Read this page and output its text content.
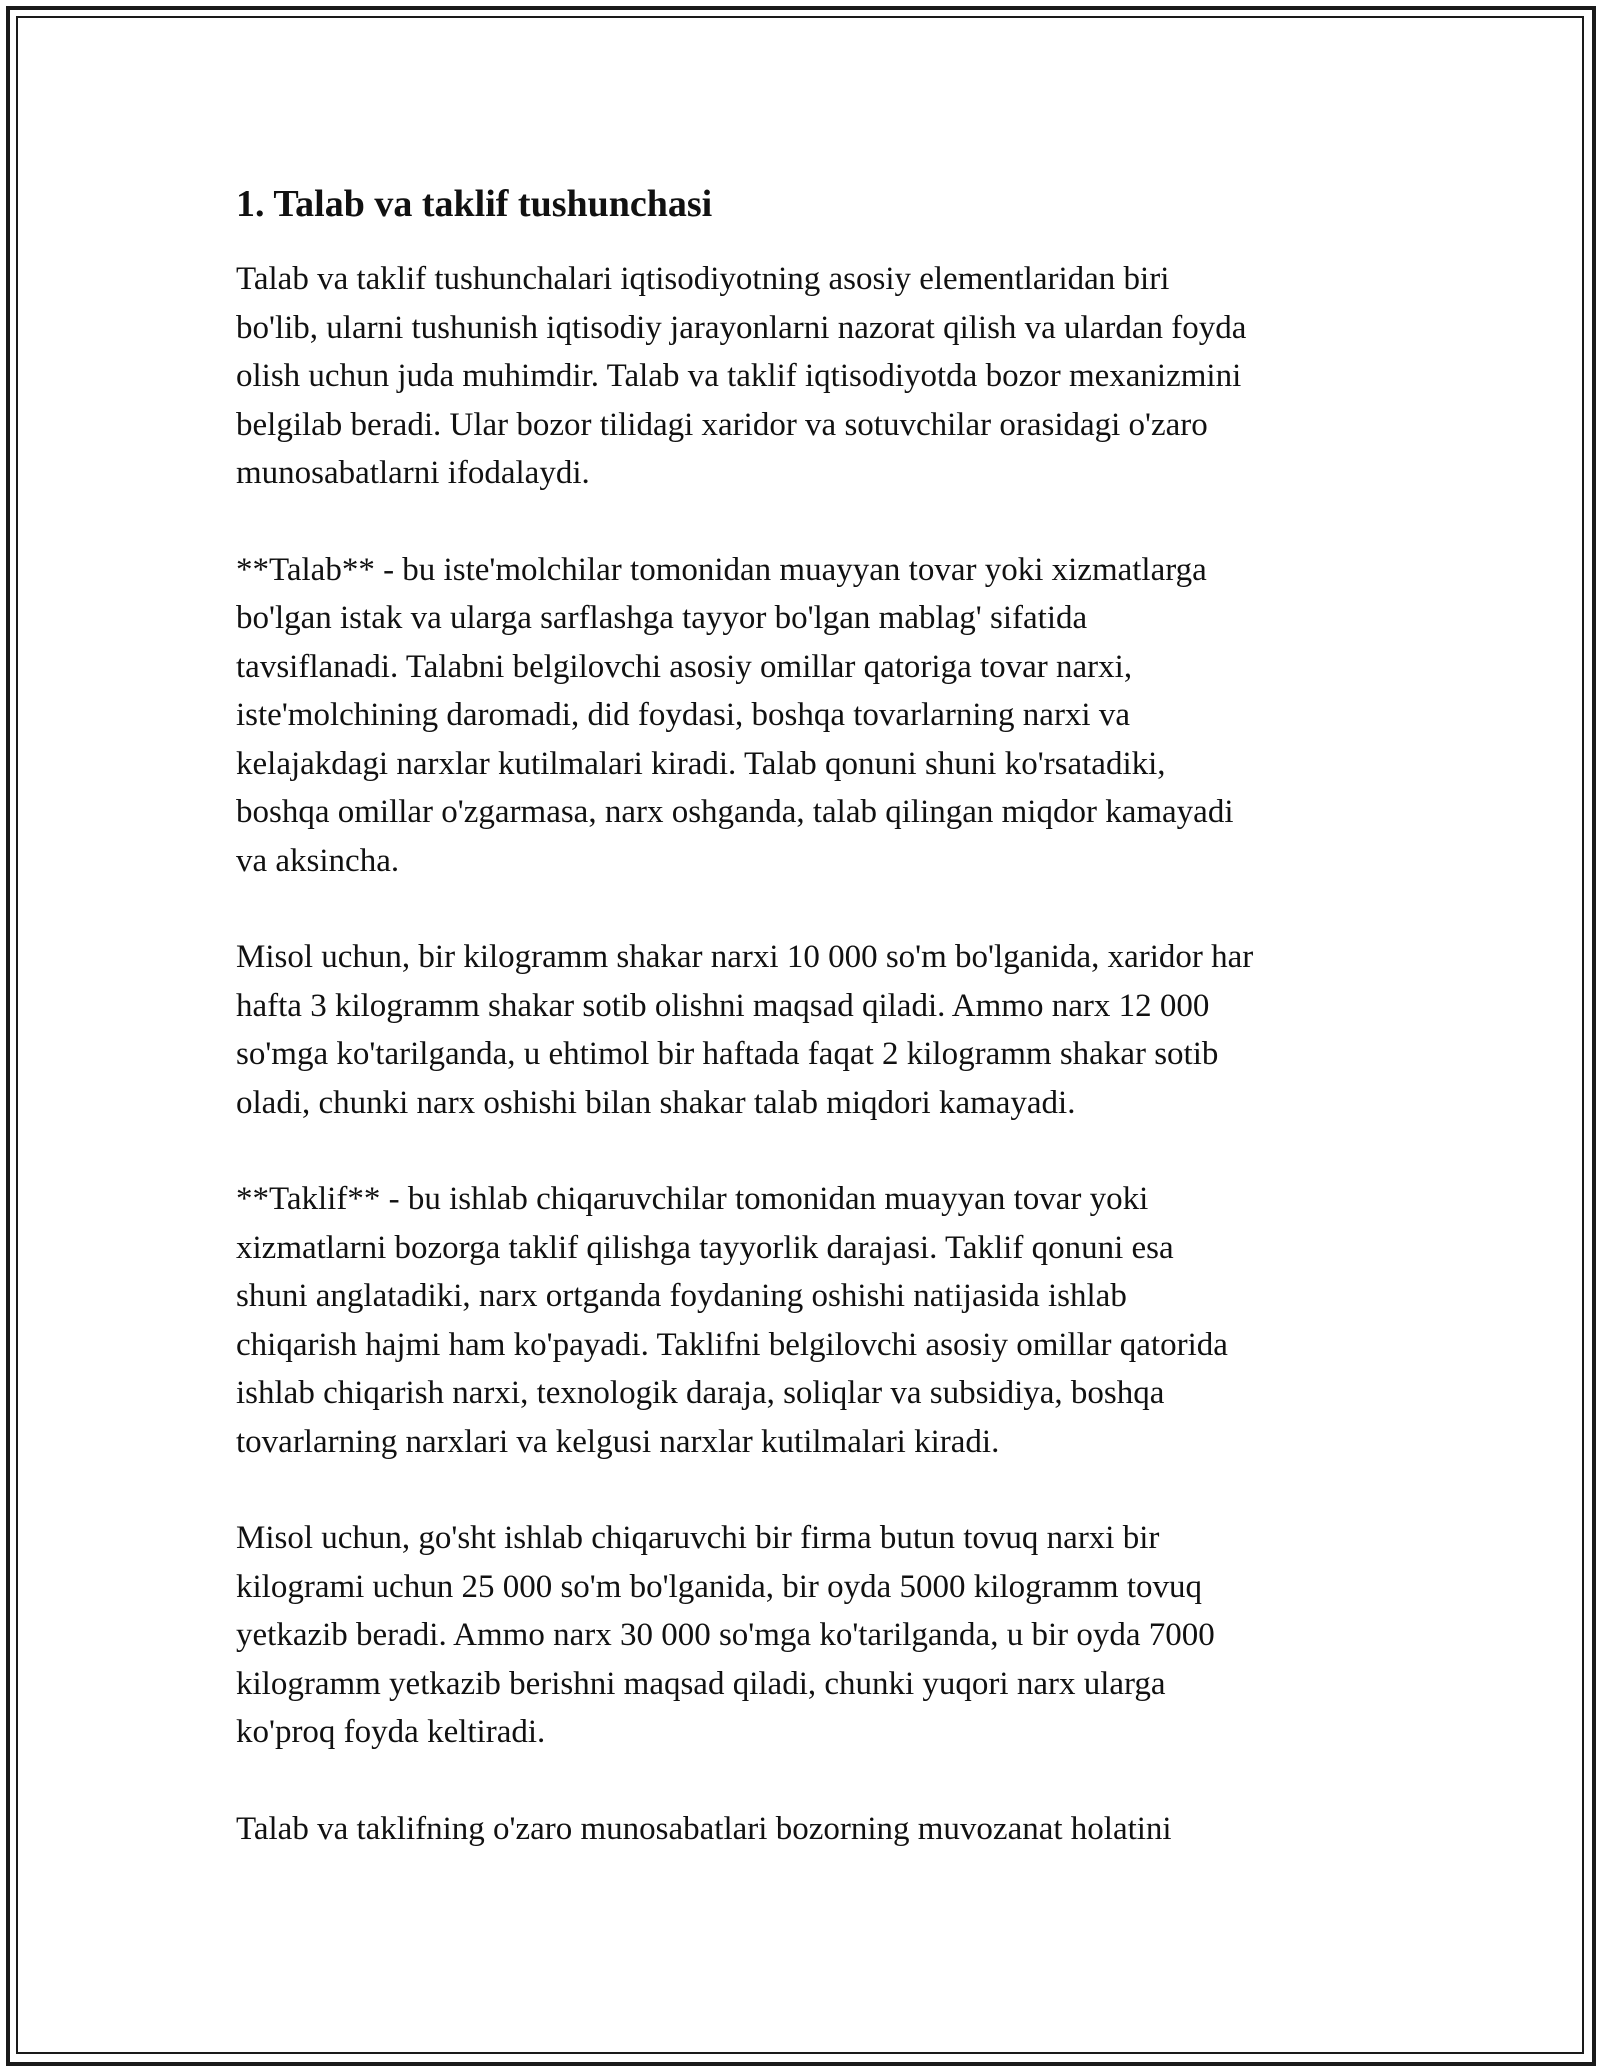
1. Talab va taklif tushunchasi
Talab va taklif tushunchalari iqtisodiyotning asosiy elementlaridan biri
bo'lib, ularni tushunish iqtisodiy jarayonlarni nazorat qilish va ulardan foyda
olish uchun juda muhimdir. Talab va taklif iqtisodiyotda bozor mexanizmini
belgilab beradi. Ular bozor tilidagi xaridor va sotuvchilar orasidagi o'zaro
munosabatlarni ifodalaydi.
**Talab** - bu iste'molchilar tomonidan muayyan tovar yoki xizmatlarga
bo'lgan istak va ularga sarflashga tayyor bo'lgan mablag' sifatida
tavsiflanadi. Talabni belgilovchi asosiy omillar qatoriga tovar narxi,
iste'molchining daromadi, did foydasi, boshqa tovarlarning narxi va
kelajakdagi narxlar kutilmalari kiradi. Talab qonuni shuni ko'rsatadiki,
boshqa omillar o'zgarmasa, narx oshganda, talab qilingan miqdor kamayadi
va aksincha.
Misol uchun, bir kilogramm shakar narxi 10 000 so'm bo'lganida, xaridor har
hafta 3 kilogramm shakar sotib olishni maqsad qiladi. Ammo narx 12 000
so'mga ko'tarilganda, u ehtimol bir haftada faqat 2 kilogramm shakar sotib
oladi, chunki narx oshishi bilan shakar talab miqdori kamayadi.
**Taklif** - bu ishlab chiqaruvchilar tomonidan muayyan tovar yoki
xizmatlarni bozorga taklif qilishga tayyorlik darajasi. Taklif qonuni esa
shuni anglatadiki, narx ortganda foydaning oshishi natijasida ishlab
chiqarish hajmi ham ko'payadi. Taklifni belgilovchi asosiy omillar qatorida
ishlab chiqarish narxi, texnologik daraja, soliqlar va subsidiya, boshqa
tovarlarning narxlari va kelgusi narxlar kutilmalari kiradi.
Misol uchun, go'sht ishlab chiqaruvchi bir firma butun tovuq narxi bir
kilogrami uchun 25 000 so'm bo'lganida, bir oyda 5000 kilogramm tovuq
yetkazib beradi. Ammo narx 30 000 so'mga ko'tarilganda, u bir oyda 7000
kilogramm yetkazib berishni maqsad qiladi, chunki yuqori narx ularga
ko'proq foyda keltiradi.
Talab va taklifning o'zaro munosabatlari bozorning muvozanat holatini
